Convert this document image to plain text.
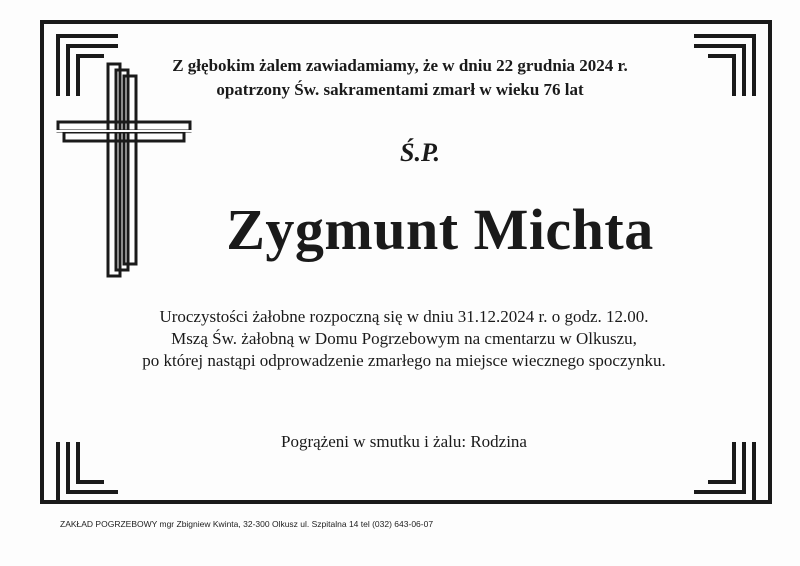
Z głębokim żalem zawiadamiamy, że w dniu 22 grudnia 2024 r.
opatrzony Św. sakramentami zmarł w wieku 76 lat
Ś.P.
Zygmunt Michta
Uroczystości żałobne rozpoczną się w dniu 31.12.2024 r. o godz. 12.00.
Mszą Św. żałobną w Domu Pogrzebowym na cmentarzu w Olkuszu,
po której nastąpi odprowadzenie zmarłego na miejsce wiecznego spoczynku.
Pogrążeni w smutku i żalu: Rodzina
ZAKŁAD POGRZEBOWY mgr Zbigniew Kwinta, 32-300 Olkusz ul. Szpitalna 14 tel (032) 643-06-07
